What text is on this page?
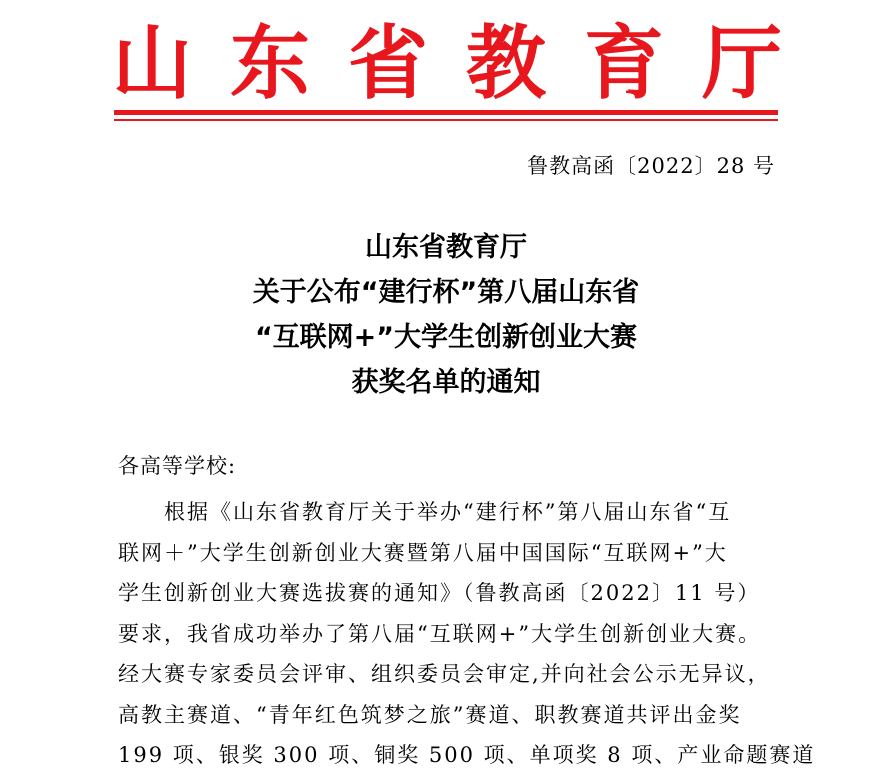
山 东 省 教 育 厅
鲁教高函〔2022〕28 号
山东省教育厅
关于公布“建行杯”第八届山东省
“互联网+”大学生创新创业大赛
获奖名单的通知
各高等学校:
根据《山东省教育厅关于举办“建行杯”第八届山东省“互
联网＋”大学生创新创业大赛暨第八届中国国际“互联网+”大
学生创新创业大赛选拔赛的通知》（鲁教高函〔2022〕11 号）
要求，我省成功举办了第八届“互联网+”大学生创新创业大赛。
经大赛专家委员会评审、组织委员会审定,并向社会公示无异议，
高教主赛道、“青年红色筑梦之旅”赛道、职教赛道共评出金奖
199 项、银奖 300 项、铜奖 500 项、单项奖 8 项、产业命题赛道
